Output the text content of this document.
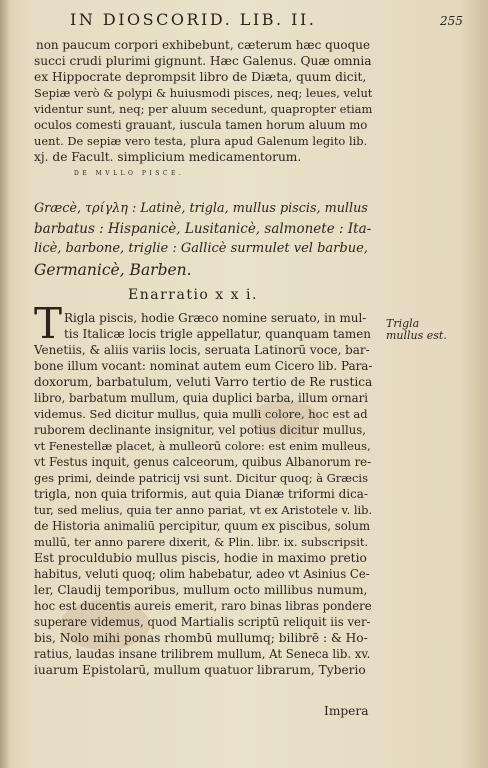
IN DIOSCORID. LIB. II.	255
non paucum corpori exhibebunt, cæterum hæc quoque
succi crudi plurimi gignunt. Hæc Galenus. Quæ omnia
ex Hippocrate deprompsit libro de Diæta, quum dicit,
Sepiæ verò & polypi & huiusmodi pisces, neq; leues, velut
videntur sunt, neq; per aluum secedunt, quapropter etiam
oculos comesti grauant, iuscula tamen horum aluum mo
uent. De sepiæ vero testa, plura apud Galenum legito lib.
xj. de Facult. simplicium medicamentorum.
DE MVLLO PISCE.
Græcè, τρίγλη : Latinè, trigla, mullus piscis, mullus
barbatus : Hispanicè, Lusitanicè, salmonete : Ita-
licè, barbone, triglie : Gallicè surmulet vel barbue,
Germanicè, Barben.
Enarratio x x i.
T	Trigla
mullus est.
Rigla piscis, hodie Græco nomine seruato, in mul-
tis Italicæ locis trigle appellatur, quanquam tamen
Venetiis, & aliis variis locis, seruata Latinorū voce, bar-
bone illum vocant: nominat autem eum Cicero lib. Para-
doxorum, barbatulum, veluti Varro tertio de Re rustica
libro, barbatum mullum, quia duplici barba, illum ornari
videmus. Sed dicitur mullus, quia mulli colore, hoc est ad
ruborem declinante insignitur, vel potius dicitur mullus,
vt Fenestellæ placet, à mulleorū colore: est enim mulleus,
vt Festus inquit, genus calceorum, quibus Albanorum re-
ges primi, deinde patricij vsi sunt. Dicitur quoq; à Græcis
trigla, non quia triformis, aut quia Dianæ triformi dica-
tur, sed melius, quia ter anno pariat, vt ex Aristotele v. lib.
de Historia animaliū percipitur, quum ex piscibus, solum
mullū, ter anno parere dixerit, & Plin. libr. ix. subscripsit.
Est proculdubio mullus piscis, hodie in maximo pretio
habitus, veluti quoq; olim habebatur, adeo vt Asinius Ce-
ler, Claudij temporibus, mullum octo millibus numum,
hoc est ducentis aureis emerit, raro binas libras pondere
superare videmus, quod Martialis scriptū reliquit iis ver-
bis, Nolo mihi ponas rhombū mullumq; bilibrē : & Ho-
ratius, laudas insane trilibrem mullum, At Seneca lib. xv.
iuarum Epistolarū, mullum quatuor librarum, Tyberio
Impera
